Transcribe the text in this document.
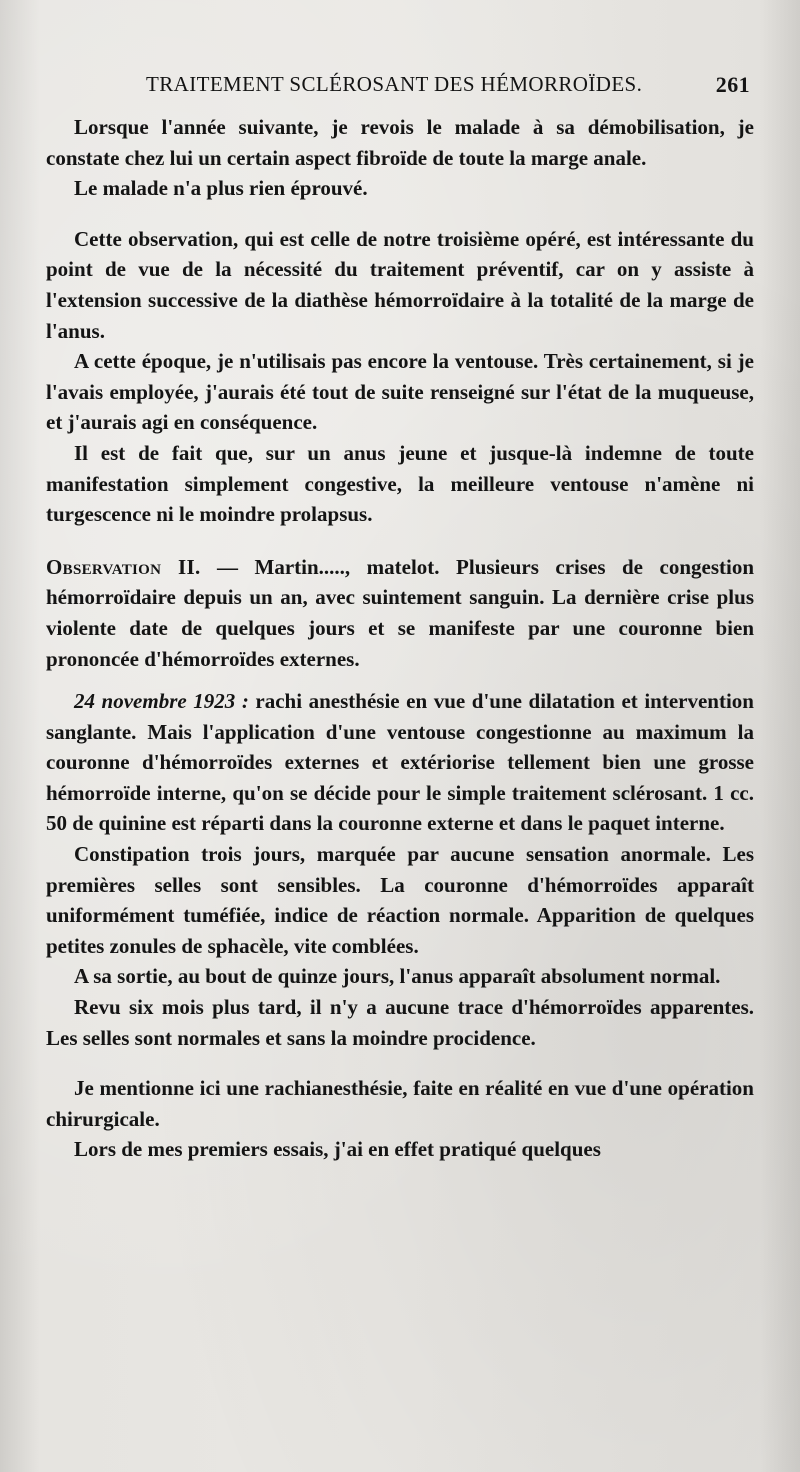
TRAITEMENT SCLÉROSANT DES HÉMORROÏDES.	261

Lorsque l'année suivante, je revois le malade à sa démobilisation, je constate chez lui un certain aspect fibroïde de toute la marge anale.

Le malade n'a plus rien éprouvé.

Cette observation, qui est celle de notre troisième opéré, est intéressante du point de vue de la nécessité du traitement préventif, car on y assiste à l'extension successive de la diathèse hémorroïdaire à la totalité de la marge de l'anus.

A cette époque, je n'utilisais pas encore la ventouse. Très certainement, si je l'avais employée, j'aurais été tout de suite renseigné sur l'état de la muqueuse, et j'aurais agi en conséquence.

Il est de fait que, sur un anus jeune et jusque-là indemne de toute manifestation simplement congestive, la meilleure ventouse n'amène ni turgescence ni le moindre prolapsus.

Observation II. — Martin....., matelot. Plusieurs crises de congestion hémorroïdaire depuis un an, avec suintement sanguin. La dernière crise plus violente date de quelques jours et se manifeste par une couronne bien prononcée d'hémorroïdes externes.

24 novembre 1923 : rachi anesthésie en vue d'une dilatation et intervention sanglante. Mais l'application d'une ventouse congestionne au maximum la couronne d'hémorroïdes externes et extériorise tellement bien une grosse hémorroïde interne, qu'on se décide pour le simple traitement sclérosant. 1 cc. 50 de quinine est réparti dans la couronne externe et dans le paquet interne.

Constipation trois jours, marquée par aucune sensation anormale. Les premières selles sont sensibles. La couronne d'hémorroïdes apparaît uniformément tuméfiée, indice de réaction normale. Apparition de quelques petites zonules de sphacèle, vite comblées.

A sa sortie, au bout de quinze jours, l'anus apparaît absolument normal.

Revu six mois plus tard, il n'y a aucune trace d'hémorroïdes apparentes. Les selles sont normales et sans la moindre procidence.

Je mentionne ici une rachianesthésie, faite en réalité en vue d'une opération chirurgicale.

Lors de mes premiers essais, j'ai en effet pratiqué quelques
